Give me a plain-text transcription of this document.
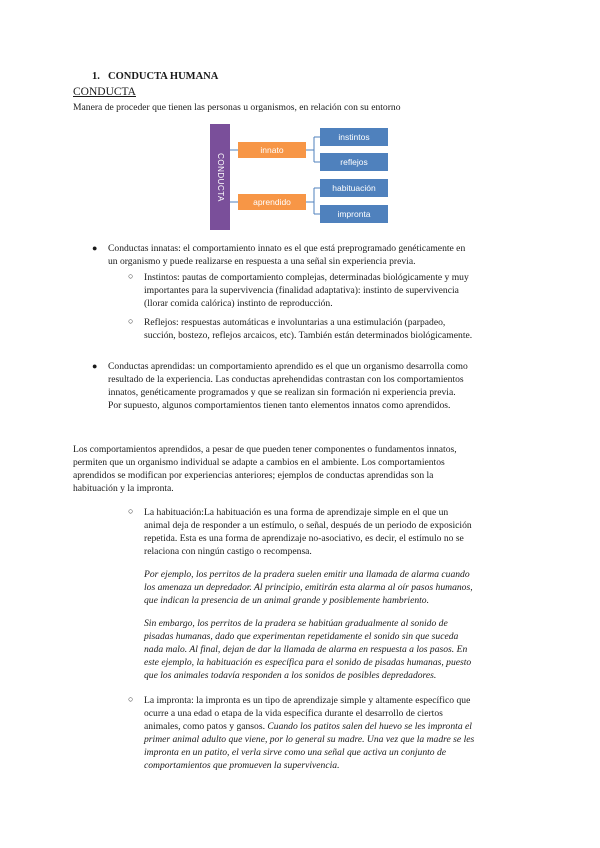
1. CONDUCTA HUMANA
CONDUCTA
Manera de proceder que tienen las personas u organismos, en relación con su entorno
CONDUCTA
innato
aprendido
instintos
reflejos
habituación
impronta
● Conductas innatas: el comportamiento innato es el que está preprogramado genéticamente en
un organismo y puede realizarse en respuesta a una señal sin experiencia previa.
○ Instintos: pautas de comportamiento complejas, determinadas biológicamente y muy
importantes para la supervivencia (finalidad adaptativa): instinto de supervivencia
(llorar comida calórica) instinto de reproducción.
○ Reflejos: respuestas automáticas e involuntarias a una estimulación (parpadeo,
succión, bostezo, reflejos arcaicos, etc). También están determinados biológicamente.
● Conductas aprendidas: un comportamiento aprendido es el que un organismo desarrolla como
resultado de la experiencia. Las conductas aprehendidas contrastan con los comportamientos
innatos, genéticamente programados y que se realizan sin formación ni experiencia previa.
Por supuesto, algunos comportamientos tienen tanto elementos innatos como aprendidos.
Los comportamientos aprendidos, a pesar de que pueden tener componentes o fundamentos innatos,
permiten que un organismo individual se adapte a cambios en el ambiente. Los comportamientos
aprendidos se modifican por experiencias anteriores; ejemplos de conductas aprendidas son la
habituación y la impronta.
○ La habituación:La habituación es una forma de aprendizaje simple en el que un
animal deja de responder a un estímulo, o señal, después de un periodo de exposición
repetida. Esta es una forma de aprendizaje no-asociativo, es decir, el estímulo no se
relaciona con ningún castigo o recompensa.
Por ejemplo, los perritos de la pradera suelen emitir una llamada de alarma cuando
los amenaza un depredador. Al principio, emitirán esta alarma al oír pasos humanos,
que indican la presencia de un animal grande y posiblemente hambriento.
Sin embargo, los perritos de la pradera se habitúan gradualmente al sonido de
pisadas humanas, dado que experimentan repetidamente el sonido sin que suceda
nada malo. Al final, dejan de dar la llamada de alarma en respuesta a los pasos. En
este ejemplo, la habituación es específica para el sonido de pisadas humanas, puesto
que los animales todavía responden a los sonidos de posibles depredadores.
○ La impronta: la impronta es un tipo de aprendizaje simple y altamente específico que
ocurre a una edad o etapa de la vida específica durante el desarrollo de ciertos
animales, como patos y gansos. Cuando los patitos salen del huevo se les improntа el
primer animal adulto que viene, por lo general su madre. Una vez que la madre se les
impronta en un patito, el verla sirve como una señal que activa un conjunto de
comportamientos que promueven la supervivencia.
